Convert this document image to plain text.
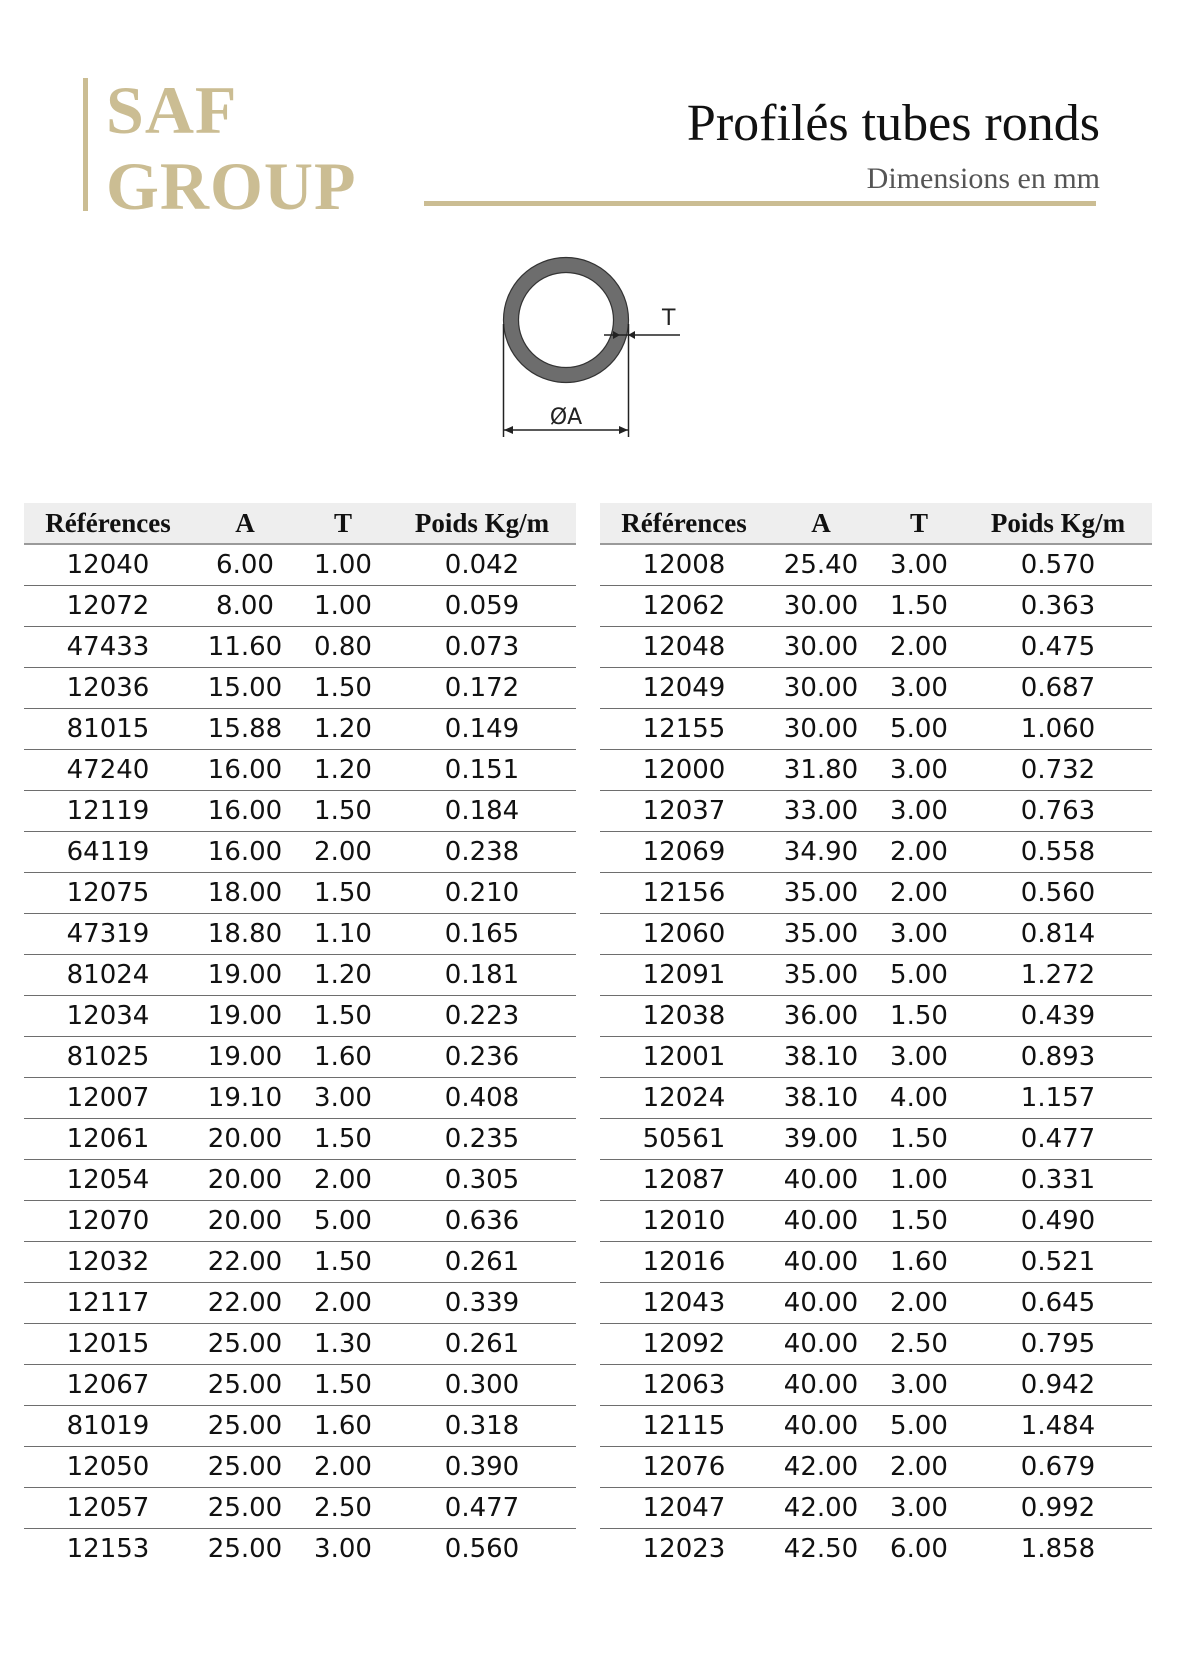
SAF
GROUP
Profilés tubes ronds
Dimensions en mm
T
ØA
Références	A	T	Poids Kg/m
12040	6.00	1.00	0.042
12072	8.00	1.00	0.059
47433	11.60	0.80	0.073
12036	15.00	1.50	0.172
81015	15.88	1.20	0.149
47240	16.00	1.20	0.151
12119	16.00	1.50	0.184
64119	16.00	2.00	0.238
12075	18.00	1.50	0.210
47319	18.80	1.10	0.165
81024	19.00	1.20	0.181
12034	19.00	1.50	0.223
81025	19.00	1.60	0.236
12007	19.10	3.00	0.408
12061	20.00	1.50	0.235
12054	20.00	2.00	0.305
12070	20.00	5.00	0.636
12032	22.00	1.50	0.261
12117	22.00	2.00	0.339
12015	25.00	1.30	0.261
12067	25.00	1.50	0.300
81019	25.00	1.60	0.318
12050	25.00	2.00	0.390
12057	25.00	2.50	0.477
12153	25.00	3.00	0.560
Références	A	T	Poids Kg/m
12008	25.40	3.00	0.570
12062	30.00	1.50	0.363
12048	30.00	2.00	0.475
12049	30.00	3.00	0.687
12155	30.00	5.00	1.060
12000	31.80	3.00	0.732
12037	33.00	3.00	0.763
12069	34.90	2.00	0.558
12156	35.00	2.00	0.560
12060	35.00	3.00	0.814
12091	35.00	5.00	1.272
12038	36.00	1.50	0.439
12001	38.10	3.00	0.893
12024	38.10	4.00	1.157
50561	39.00	1.50	0.477
12087	40.00	1.00	0.331
12010	40.00	1.50	0.490
12016	40.00	1.60	0.521
12043	40.00	2.00	0.645
12092	40.00	2.50	0.795
12063	40.00	3.00	0.942
12115	40.00	5.00	1.484
12076	42.00	2.00	0.679
12047	42.00	3.00	0.992
12023	42.50	6.00	1.858
